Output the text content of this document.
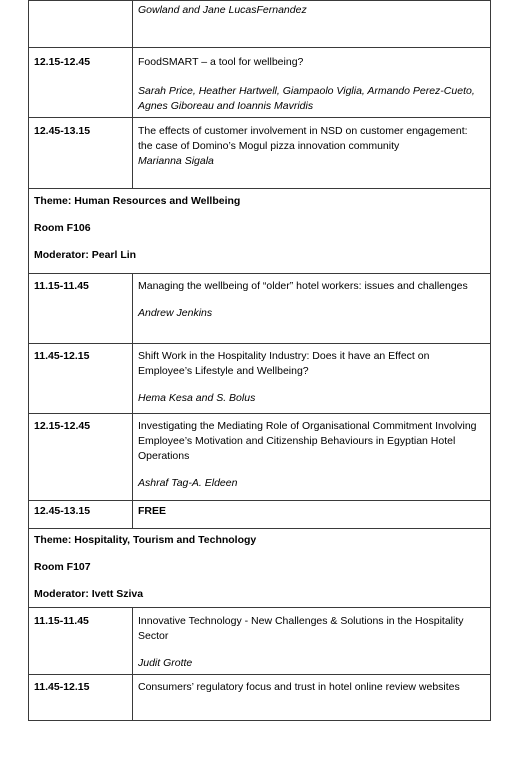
	Gowland and Jane LucasFernandez
12.15-12.45	FoodSMART – a tool for wellbeing?
Sarah Price, Heather Hartwell, Giampaolo Viglia, Armando Perez-Cueto, Agnes Giboreau and Ioannis Mavridis

12.45-13.15	The effects of customer involvement in NSD on customer engagement: the case of Domino’s Mogul pizza innovation community
Marianna Sigala

Theme: Human Resources and Wellbeing

Room F106

Moderator: Pearl Lin	

11.15-11.45	Managing the wellbeing of “older” hotel workers: issues and challenges
Andrew Jenkins

11.45-12.15	Shift Work in the Hospitality Industry: Does it have an Effect on Employee’s Lifestyle and Wellbeing?
Hema Kesa and S. Bolus

12.15-12.45	Investigating the Mediating Role of Organisational Commitment Involving Employee’s Motivation and Citizenship Behaviours in Egyptian Hotel Operations
Ashraf Tag-A. Eldeen

12.45-13.15	FREE

Theme: Hospitality, Tourism and Technology

Room F107

Moderator: Ivett Sziva	

11.15-11.45	Innovative Technology - New Challenges & Solutions in the Hospitality Sector
Judit Grotte

11.45-12.15	Consumers’ regulatory focus and trust in hotel online review websites
